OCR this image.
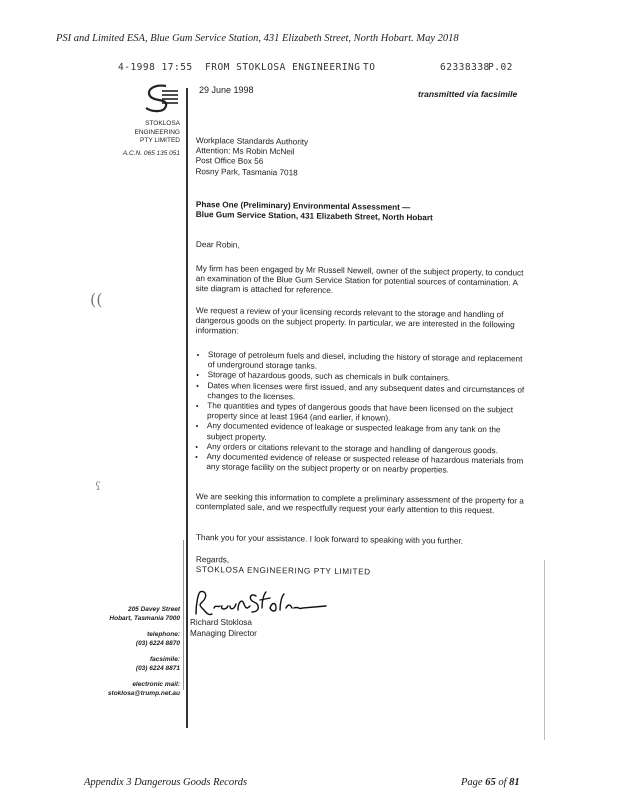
PSI and Limited ESA, Blue Gum Service Station, 431 Elizabeth Street, North Hobart. May 2018
4-1998 17:55 FROM STOKLOSA ENGINEERING TO	62338338
P.02
STOKLOSA
ENGINEERING
PTY LIMITED
A.C.N. 065 135 051
((
ʕ
29 June 1998	transmitted via facsimile
Workplace Standards Authority
Attention: Ms Robin McNeil
Post Office Box 56
Rosny Park, Tasmania 7018
Phase One (Preliminary) Environmental Assessment —
Blue Gum Service Station, 431 Elizabeth Street, North Hobart
Dear Robin,
My firm has been engaged by Mr Russell Newell, owner of the subject property, to conduct an examination of the Blue Gum Service Station for potential sources of contamination. A site diagram is attached for reference.
We request a review of your licensing records relevant to the storage and handling of dangerous goods on the subject property. In particular, we are interested in the following information:
• Storage of petroleum fuels and diesel, including the history of storage and replacement of underground storage tanks.
• Storage of hazardous goods, such as chemicals in bulk containers.
• Dates when licenses were first issued, and any subsequent dates and circumstances of changes to the licenses.
• The quantities and types of dangerous goods that have been licensed on the subject property since at least 1964 (and earlier, if known).
• Any documented evidence of leakage or suspected leakage from any tank on the subject property.
• Any orders or citations relevant to the storage and handling of dangerous goods.
• Any documented evidence of release or suspected release of hazardous materials from any storage facility on the subject property or on nearby properties.
We are seeking this information to complete a preliminary assessment of the property for a contemplated sale, and we respectfully request your early attention to this request.
Thank you for your assistance. I look forward to speaking with you further.
Regards,
STOKLOSA ENGINEERING PTY LIMITED
Richard Stoklosa
Managing Director
205 Davey Street
Hobart, Tasmania 7000
telephone:
(03) 6224 8870
facsimile:
(03) 6224 8871
electronic mail:
stoklosa@trump.net.au
Appendix 3 Dangerous Goods Records	Page 65 of 81
